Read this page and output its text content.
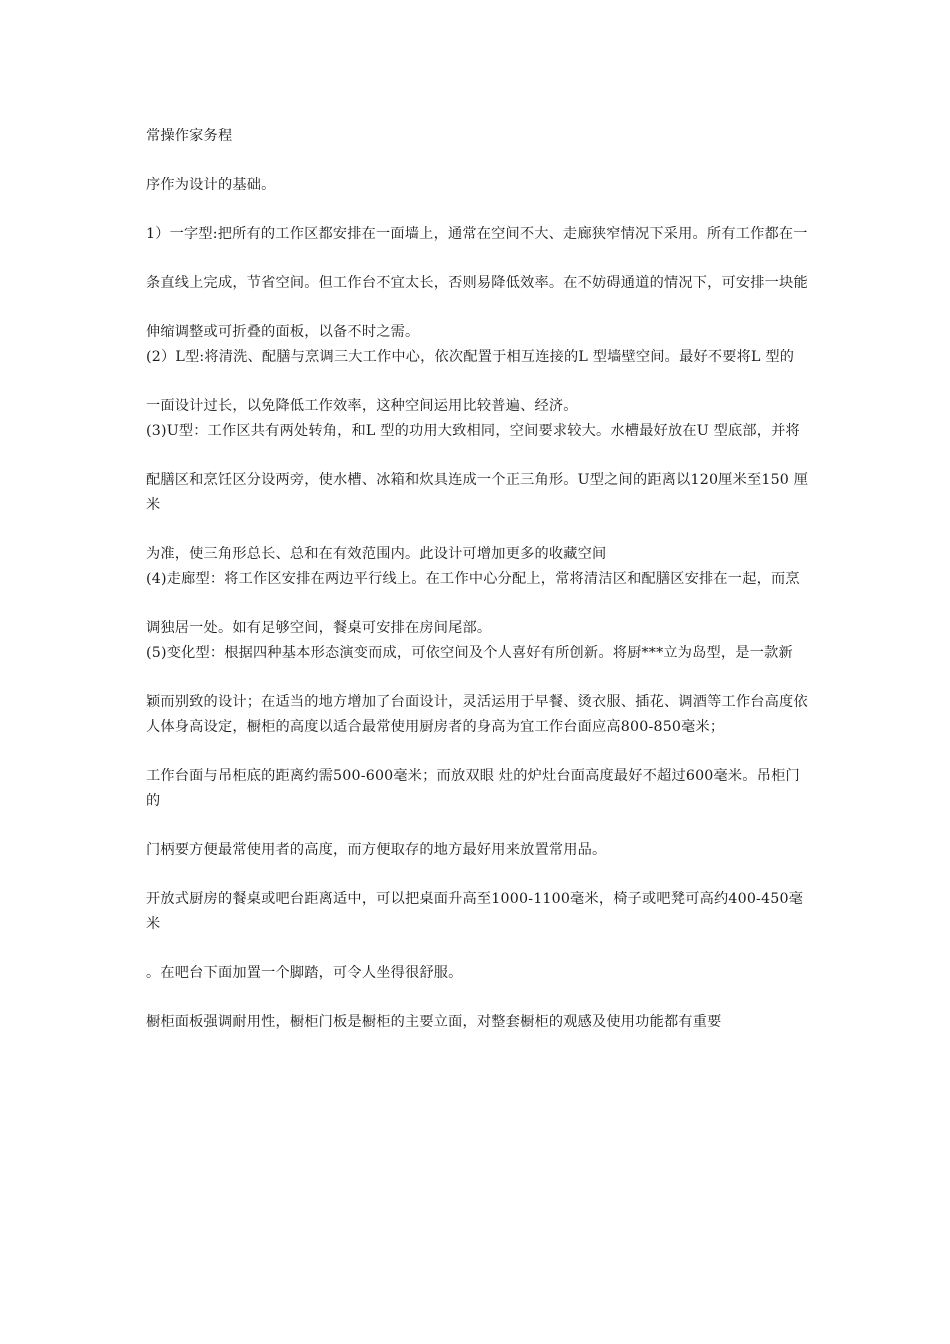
常操作家务程

序作为设计的基础。

1）一字型:把所有的工作区都安排在一面墙上，通常在空间不大、走廊狭窄情况下采用。所有工作都在一

条直线上完成，节省空间。但工作台不宜太长，否则易降低效率。在不妨碍通道的情况下，可安排一块能

伸缩调整或可折叠的面板，以备不时之需。

(2）L型:将清洗、配膳与烹调三大工作中心，依次配置于相互连接的L 型墙壁空间。最好不要将L 型的

一面设计过长，以免降低工作效率，这种空间运用比较普遍、经济。

(3)U型：工作区共有两处转角，和L 型的功用大致相同，空间要求较大。水槽最好放在U 型底部，并将

配膳区和烹饪区分设两旁，使水槽、冰箱和炊具连成一个正三角形。U型之间的距离以120厘米至150 厘米

为准，使三角形总长、总和在有效范围内。此设计可增加更多的收藏空间

(4)走廊型：将工作区安排在两边平行线上。在工作中心分配上，常将清洁区和配膳区安排在一起，而烹

调独居一处。如有足够空间，餐桌可安排在房间尾部。

(5)变化型：根据四种基本形态演变而成，可依空间及个人喜好有所创新。将厨***立为岛型，是一款新

颖而别致的设计；在适当的地方增加了台面设计，灵活运用于早餐、烫衣服、插花、调酒等工作台高度依人体身高设定，橱柜的高度以适合最常使用厨房者的身高为宜工作台面应高800-850毫米；

工作台面与吊柜底的距离约需500-600毫米；而放双眼 灶的炉灶台面高度最好不超过600毫米。吊柜门的

门柄要方便最常使用者的高度，而方便取存的地方最好用来放置常用品。

开放式厨房的餐桌或吧台距离适中，可以把桌面升高至1000-1100毫米，椅子或吧凳可高约400-450毫米

。在吧台下面加置一个脚踏，可令人坐得很舒服。

橱柜面板强调耐用性，橱柜门板是橱柜的主要立面，对整套橱柜的观感及使用功能都有重要
